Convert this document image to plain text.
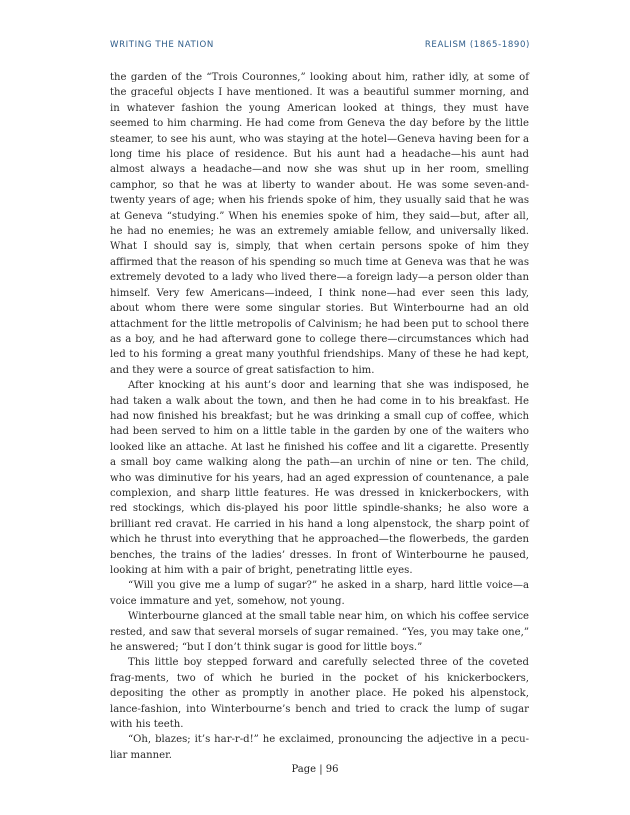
WRITING THE NATION	REALISM (1865-1890)

the garden of the “Trois Couronnes,” looking about him, rather idly, at some of the graceful objects I have mentioned. It was a beautiful summer morning, and in whatever fashion the young American looked at things, they must have seemed to him charming. He had come from Geneva the day before by the little steamer, to see his aunt, who was staying at the hotel—Geneva having been for a long time his place of residence. But his aunt had a headache—his aunt had almost always a headache—and now she was shut up in her room, smelling camphor, so that he was at liberty to wander about. He was some seven-and-twenty years of age; when his friends spoke of him, they usually said that he was at Geneva “studying.” When his enemies spoke of him, they said—but, after all, he had no enemies; he was an extremely amiable fellow, and universally liked. What I should say is, simply, that when certain persons spoke of him they affirmed that the reason of his spending so much time at Geneva was that he was extremely devoted to a lady who lived there—a foreign lady—a person older than himself. Very few Americans—indeed, I think none—had ever seen this lady, about whom there were some singular stories. But Winterbourne had an old attachment for the little metropolis of Calvinism; he had been put to school there as a boy, and he had afterward gone to college there—circumstances which had led to his forming a great many youthful friendships. Many of these he had kept, and they were a source of great satisfaction to him.

After knocking at his aunt’s door and learning that she was indisposed, he had taken a walk about the town, and then he had come in to his breakfast. He had now finished his breakfast; but he was drinking a small cup of coffee, which had been served to him on a little table in the garden by one of the waiters who looked like an attache. At last he finished his coffee and lit a cigarette. Presently a small boy came walking along the path—an urchin of nine or ten. The child, who was diminutive for his years, had an aged expression of countenance, a pale complexion, and sharp little features. He was dressed in knickerbockers, with red stockings, which dis-played his poor little spindle-shanks; he also wore a brilliant red cravat. He carried in his hand a long alpenstock, the sharp point of which he thrust into everything that he approached—the flowerbeds, the garden benches, the trains of the ladies’ dresses. In front of Winterbourne he paused, looking at him with a pair of bright, penetrating little eyes.

“Will you give me a lump of sugar?” he asked in a sharp, hard little voice—a voice immature and yet, somehow, not young.

Winterbourne glanced at the small table near him, on which his coffee service rested, and saw that several morsels of sugar remained. “Yes, you may take one,” he answered; “but I don’t think sugar is good for little boys.”

This little boy stepped forward and carefully selected three of the coveted frag-ments, two of which he buried in the pocket of his knickerbockers, depositing the other as promptly in another place. He poked his alpenstock, lance-fashion, into Winterbourne’s bench and tried to crack the lump of sugar with his teeth.

“Oh, blazes; it’s har-r-d!” he exclaimed, pronouncing the adjective in a pecu-liar manner.

Page | 96
